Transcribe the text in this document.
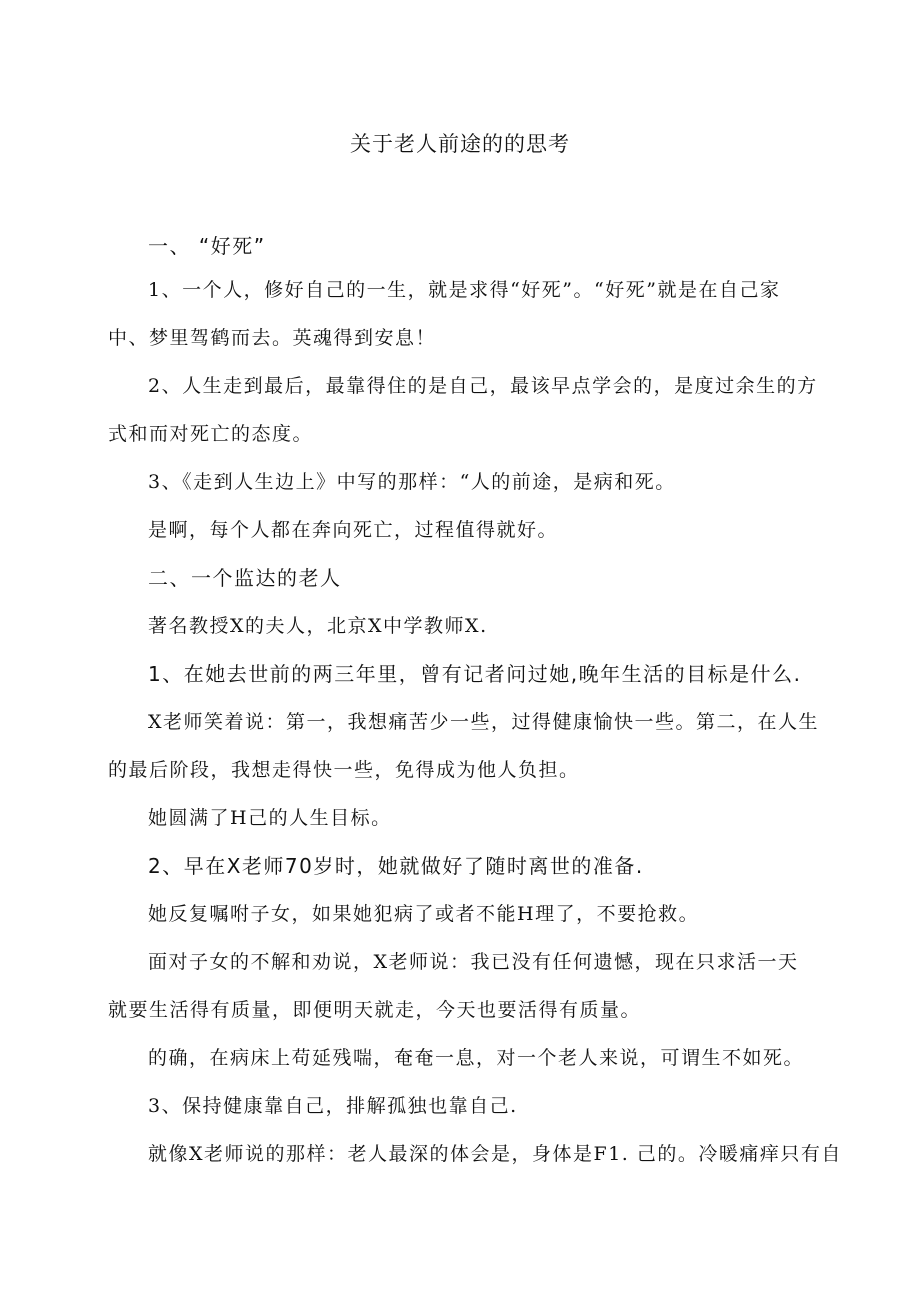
关于老人前途的的思考
一、 “好死”
1、一个人，修好自己的一生，就是求得“好死”。“好死”就是在自己家
中、梦里驾鹤而去。英魂得到安息！
2、人生走到最后，最靠得住的是自己，最该早点学会的，是度过余生的方
式和而对死亡的态度。
3、《走到人生边上》中写的那样：“人的前途，是病和死。
是啊，每个人都在奔向死亡，过程值得就好。
二、一个监达的老人
著名教授X的夫人，北京X中学教师X.
1、在她去世前的两三年里，曾有记者问过她,晚年生活的目标是什么.
X老师笑着说：第一，我想痛苦少一些，过得健康愉快一些。第二，在人生
的最后阶段，我想走得快一些，免得成为他人负担。
她圆满了H己的人生目标。
2、早在X老师70岁时，她就做好了随时离世的准备.
她反复嘱咐子女，如果她犯病了或者不能H理了，不要抢救。
面对子女的不解和劝说，X老师说：我已没有任何遗憾，现在只求活一天
就要生活得有质量，即便明天就走，今天也要活得有质量。
的确，在病床上苟延残喘，奄奄一息，对一个老人来说，可谓生不如死。
3、保持健康靠自己，排解孤独也靠自己.
就像X老师说的那样：老人最深的体会是，身体是F1. 己的。冷暖痛痒只有自
